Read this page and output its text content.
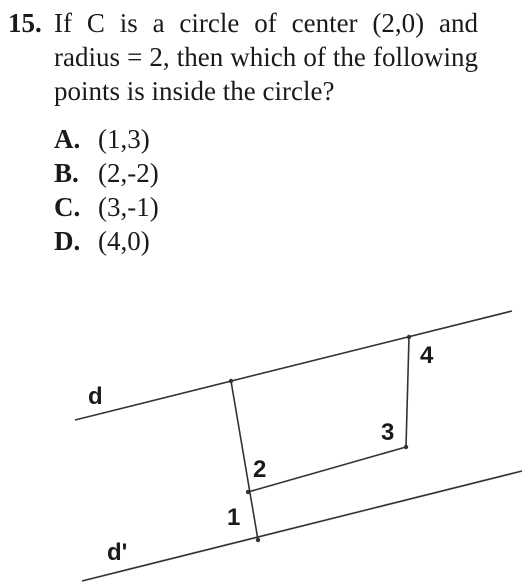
15. If C is a circle of center (2,0) and radius = 2, then which of the following points is inside the circle?
A. (1,3)
B. (2,-2)
C. (3,-1)
D. (4,0)
d
d'
1
2
3
4
